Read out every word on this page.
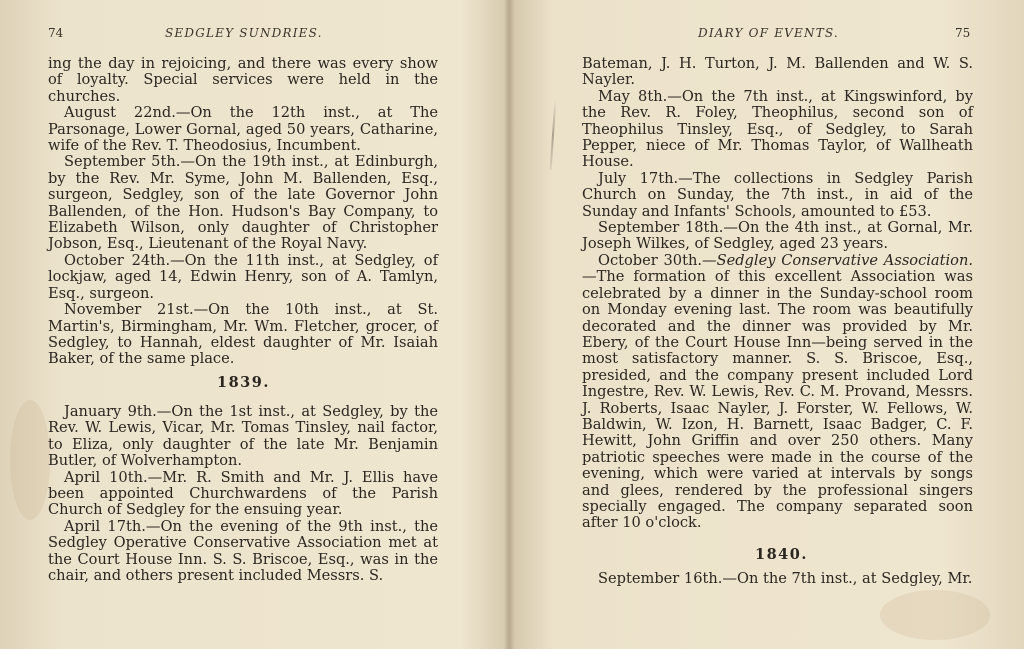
74	SEDGLEY SUNDRIES.

ing the day in rejoicing, and there was every show of loyalty. Special services were held in the churches.

August 22nd.—On the 12th inst., at The Parsonage, Lower Gornal, aged 50 years, Catharine, wife of the Rev. T. Theodosius, Incumbent.

September 5th.—On the 19th inst., at Edinburgh, by the Rev. Mr. Syme, John M. Ballenden, Esq., surgeon, Sedgley, son of the late Governor John Ballenden, of the Hon. Hudson's Bay Company, to Elizabeth Wilson, only daughter of Christopher Jobson, Esq., Lieutenant of the Royal Navy.

October 24th.—On the 11th inst., at Sedgley, of lockjaw, aged 14, Edwin Henry, son of A. Tamlyn, Esq., surgeon.

November 21st.—On the 10th inst., at St. Martin's, Birmingham, Mr. Wm. Fletcher, grocer, of Sedgley, to Hannah, eldest daughter of Mr. Isaiah Baker, of the same place.

1839.

January 9th.—On the 1st inst., at Sedgley, by the Rev. W. Lewis, Vicar, Mr. Tomas Tinsley, nail factor, to Eliza, only daughter of the late Mr. Benjamin Butler, of Wolverhampton.

April 10th.—Mr. R. Smith and Mr. J. Ellis have been appointed Churchwardens of the Parish Church of Sedgley for the ensuing year.

April 17th.—On the evening of the 9th inst., the Sedgley Operative Conservative Association met at the Court House Inn. S. S. Briscoe, Esq., was in the chair, and others present included Messrs. S.

DIARY OF EVENTS.	75

Bateman, J. H. Turton, J. M. Ballenden and W. S. Nayler.

May 8th.—On the 7th inst., at Kingswinford, by the Rev. R. Foley, Theophilus, second son of Theophilus Tinsley, Esq., of Sedgley, to Sarah Pepper, niece of Mr. Thomas Taylor, of Wallheath House.

July 17th.—The collections in Sedgley Parish Church on Sunday, the 7th inst., in aid of the Sunday and Infants' Schools, amounted to £53.

September 18th.—On the 4th inst., at Gornal, Mr. Joseph Wilkes, of Sedgley, aged 23 years.

October 30th.—Sedgley Conservative Association.—The formation of this excellent Association was celebrated by a dinner in the Sunday-school room on Monday evening last. The room was beautifully decorated and the dinner was provided by Mr. Ebery, of the Court House Inn—being served in the most satisfactory manner. S. S. Briscoe, Esq., presided, and the company present included Lord Ingestre, Rev. W. Lewis, Rev. C. M. Provand, Messrs. J. Roberts, Isaac Nayler, J. Forster, W. Fellows, W. Baldwin, W. Izon, H. Barnett, Isaac Badger, C. F. Hewitt, John Griffin and over 250 others. Many patriotic speeches were made in the course of the evening, which were varied at intervals by songs and glees, rendered by the professional singers specially engaged. The company separated soon after 10 o'clock.

1840.

September 16th.—On the 7th inst., at Sedgley, Mr.
